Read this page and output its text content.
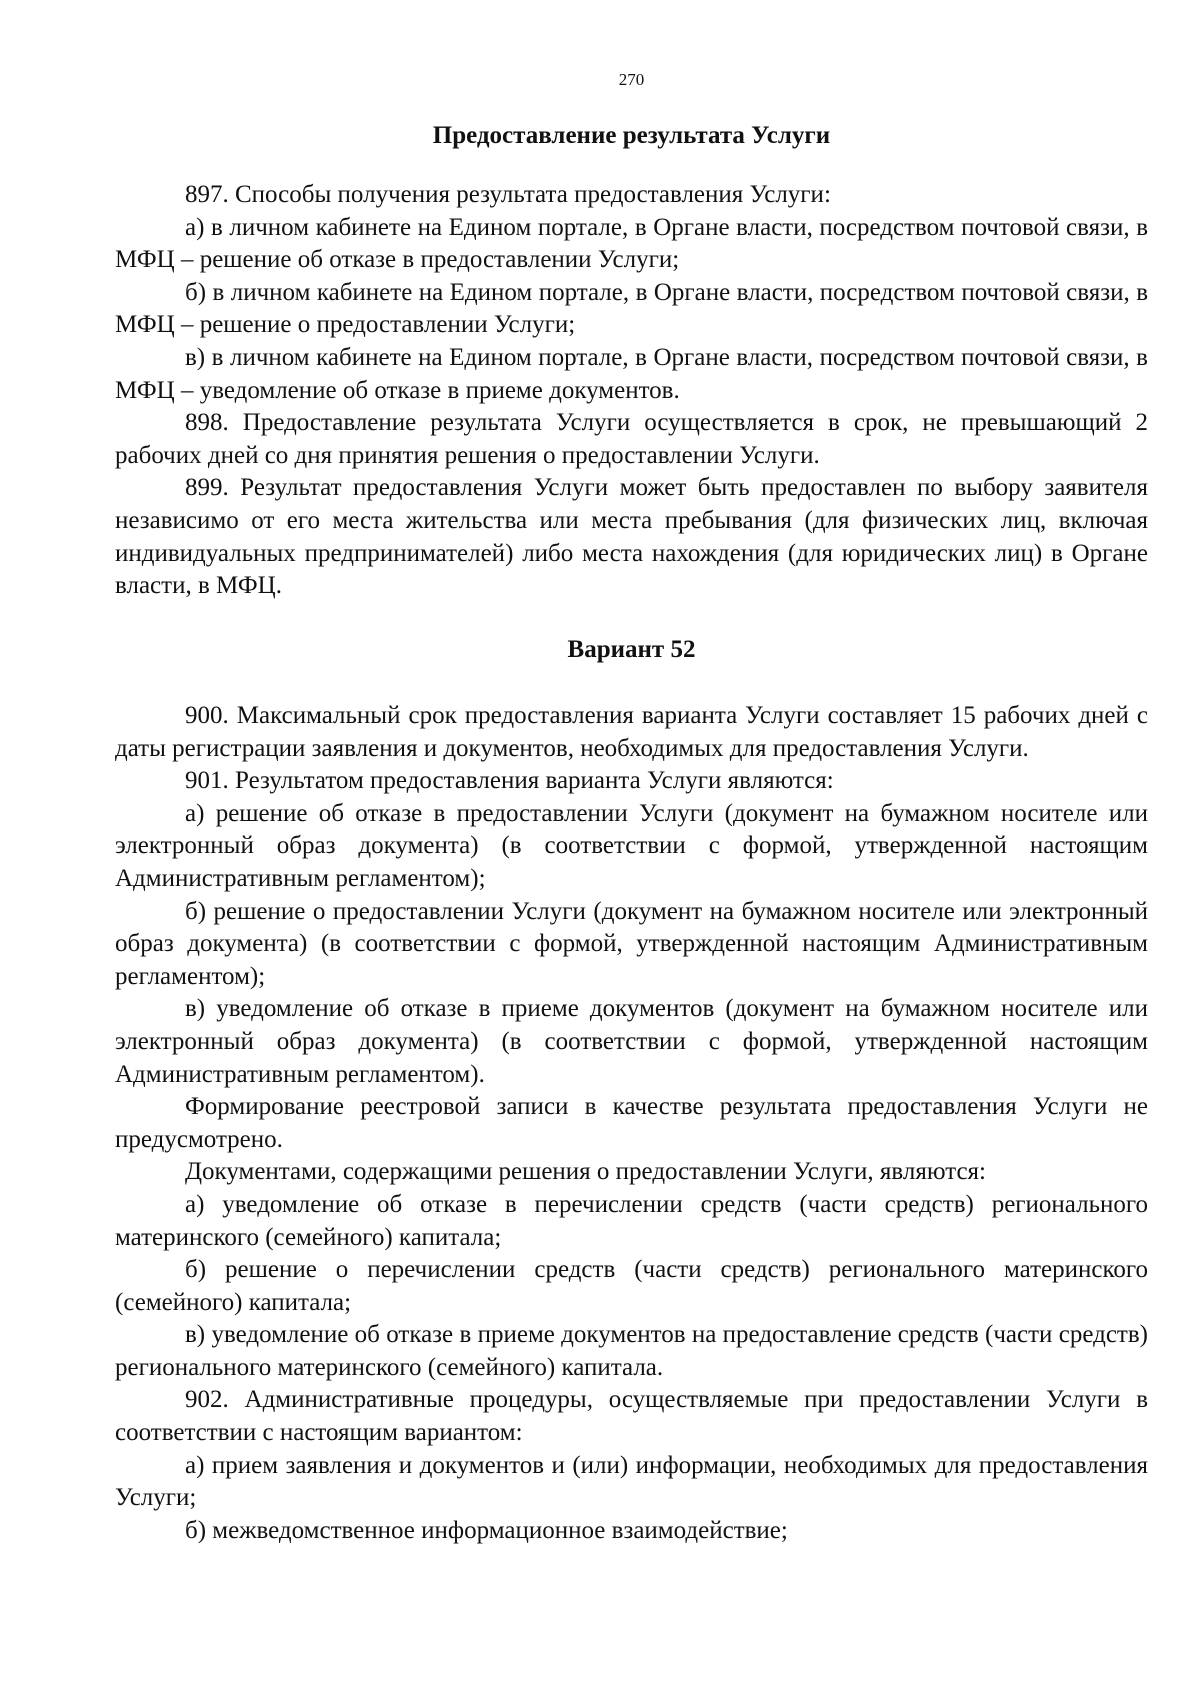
270
Предоставление результата Услуги

897. Способы получения результата предоставления Услуги:

а) в личном кабинете на Едином портале, в Органе власти, посредством почтовой связи, в МФЦ – решение об отказе в предоставлении Услуги;

б) в личном кабинете на Едином портале, в Органе власти, посредством почтовой связи, в МФЦ – решение о предоставлении Услуги;

в) в личном кабинете на Едином портале, в Органе власти, посредством почтовой связи, в МФЦ – уведомление об отказе в приеме документов.

898. Предоставление результата Услуги осуществляется в срок, не превышающий 2 рабочих дней со дня принятия решения о предоставлении Услуги.

899. Результат предоставления Услуги может быть предоставлен по выбору заявителя независимо от его места жительства или места пребывания (для физических лиц, включая индивидуальных предпринимателей) либо места нахождения (для юридических лиц) в Органе власти, в МФЦ.

Вариант 52

900. Максимальный срок предоставления варианта Услуги составляет 15 рабочих дней с даты регистрации заявления и документов, необходимых для предоставления Услуги.

901. Результатом предоставления варианта Услуги являются:

а) решение об отказе в предоставлении Услуги (документ на бумажном носителе или электронный образ документа) (в соответствии с формой, утвержденной настоящим Административным регламентом);

б) решение о предоставлении Услуги (документ на бумажном носителе или электронный образ документа) (в соответствии с формой, утвержденной настоящим Административным регламентом);

в) уведомление об отказе в приеме документов (документ на бумажном носителе или электронный образ документа) (в соответствии с формой, утвержденной настоящим Административным регламентом).

Формирование реестровой записи в качестве результата предоставления Услуги не предусмотрено.

Документами, содержащими решения о предоставлении Услуги, являются:

а) уведомление об отказе в перечислении средств (части средств) регионального материнского (семейного) капитала;

б) решение о перечислении средств (части средств) регионального материнского (семейного) капитала;

в) уведомление об отказе в приеме документов на предоставление средств (части средств) регионального материнского (семейного) капитала.

902. Административные процедуры, осуществляемые при предоставлении Услуги в соответствии с настоящим вариантом:

а) прием заявления и документов и (или) информации, необходимых для предоставления Услуги;

б) межведомственное информационное взаимодействие;
